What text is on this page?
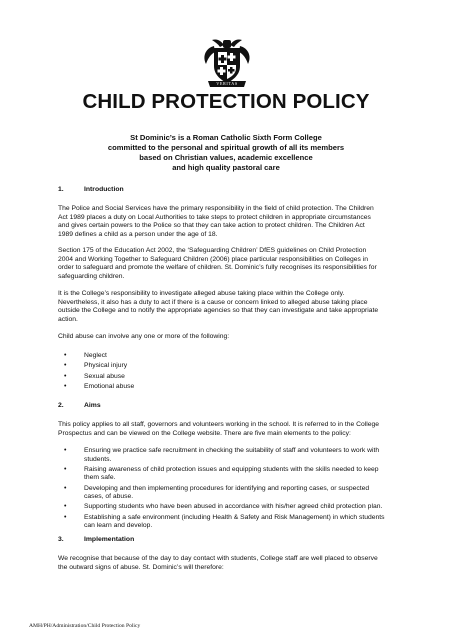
VERITAS
CHILD PROTECTION POLICY
St Dominic’s is a Roman Catholic Sixth Form College
committed to the personal and spiritual growth of all its members
based on Christian values, academic excellence
and high quality pastoral care
1.	Introduction
The Police and Social Services have the primary responsibility in the field of child protection. The Children
Act 1989 places a duty on Local Authorities to take steps to protect children in appropriate circumstances
and gives certain powers to the Police so that they can take action to protect children. The Children Act
1989 defines a child as a person under the age of 18.
Section 175 of the Education Act 2002, the ‘Safeguarding Children’ DfES guidelines on Child Protection
2004 and Working Together to Safeguard Children (2006) place particular responsibilities on Colleges in
order to safeguard and promote the welfare of children. St. Dominic’s fully recognises its responsibilities for
safeguarding children.
It is the College’s responsibility to investigate alleged abuse taking place within the College only.
Nevertheless, it also has a duty to act if there is a cause or concern linked to alleged abuse taking place
outside the College and to notify the appropriate agencies so that they can investigate and take appropriate
action.
Child abuse can involve any one or more of the following:
•	Neglect
•	Physical injury
•	Sexual abuse
•	Emotional abuse
2.	Aims
This policy applies to all staff, governors and volunteers working in the school. It is referred to in the College
Prospectus and can be viewed on the College website. There are five main elements to the policy:
•	Ensuring we practice safe recruitment in checking the suitability of staff and volunteers to work with
students.
•	Raising awareness of child protection issues and equipping students with the skills needed to keep
them safe.
•	Developing and then implementing procedures for identifying and reporting cases, or suspected
cases, of abuse.
•	Supporting students who have been abused in accordance with his/her agreed child protection plan.
•	Establishing a safe environment (including Health & Safety and Risk Management) in which students
can learn and develop.
3.	Implementation
We recognise that because of the day to day contact with students, College staff are well placed to observe
the outward signs of abuse. St. Dominic’s will therefore:
AMH/PH/Administration/Child Protection Policy
